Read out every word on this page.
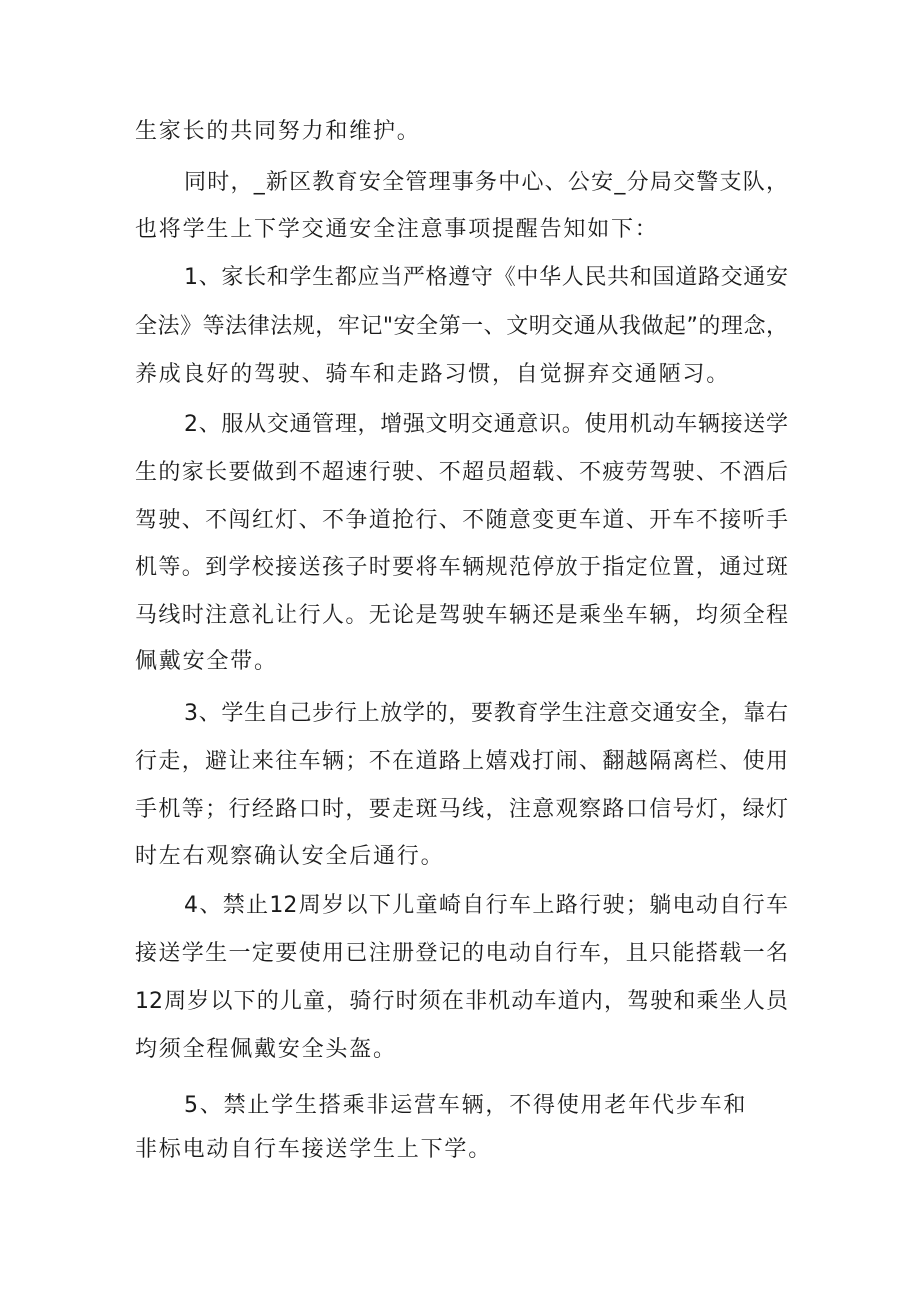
生家长的共同努力和维护。
同时，_新区教育安全管理事务中心、公安_分局交警支队，
也将学生上下学交通安全注意事项提醒告知如下：
1、家长和学生都应当严格遵守《中华人民共和国道路交通安
全法》等法律法规，牢记"安全第一、文明交通从我做起”的理念，
养成良好的驾驶、骑车和走路习惯，自觉摒弃交通陋习。
2、服从交通管理，增强文明交通意识。使用机动车辆接送学
生的家长要做到不超速行驶、不超员超载、不疲劳驾驶、不酒后
驾驶、不闯红灯、不争道抢行、不随意变更车道、开车不接听手
机等。到学校接送孩子时要将车辆规范停放于指定位置，通过斑
马线时注意礼让行人。无论是驾驶车辆还是乘坐车辆，均须全程
佩戴安全带。
3、学生自己步行上放学的，要教育学生注意交通安全，靠右
行走，避让来往车辆；不在道路上嬉戏打闹、翻越隔离栏、使用
手机等；行经路口时，要走斑马线，注意观察路口信号灯，绿灯
时左右观察确认安全后通行。
4、禁止12周岁以下儿童崎自行车上路行驶；躺电动自行车
接送学生一定要使用已注册登记的电动自行车，且只能搭载一名
12周岁以下的儿童，骑行时须在非机动车道内，驾驶和乘坐人员
均须全程佩戴安全头盔。
5、禁止学生搭乘非运营车辆，不得使用老年代步车和
非标电动自行车接送学生上下学。
